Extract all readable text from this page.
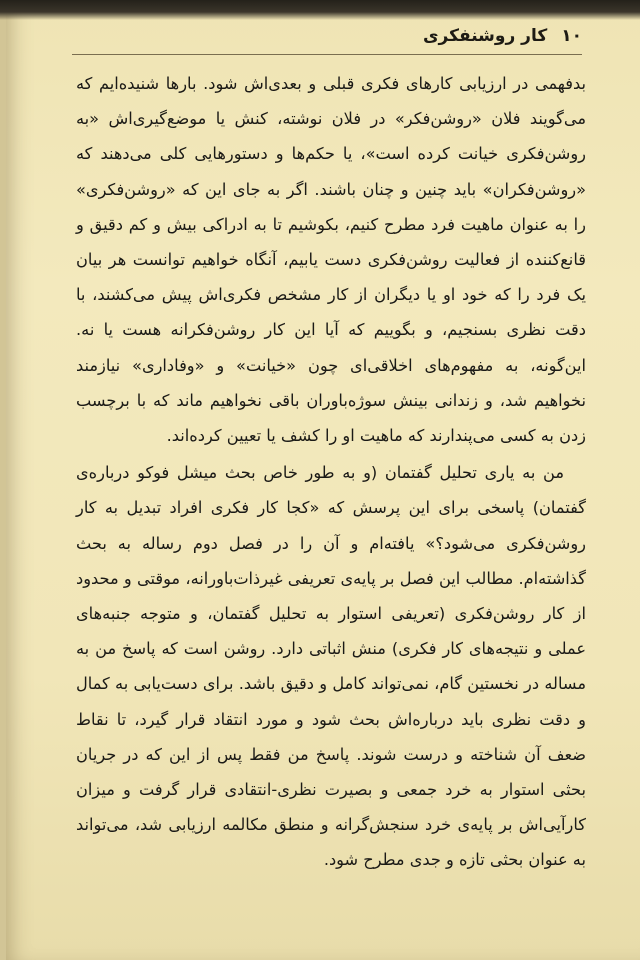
۱۰
کار روشنفکری

بدفهمی در ارزیابی کارهای فکری قبلی و بعدی‌اش شود. بارها شنیده‌ایم که می‌گویند فلان «روشن‌فکر» در فلان نوشته، کنش یا موضع‌گیری‌اش «به روشن‌فکری خیانت کرده است»، یا حکم‌ها و دستورهایی کلی می‌دهند که «روشن‌فکران» باید چنین و چنان باشند. اگر به جای این که «روشن‌فکری» را به عنوان ماهیت فرد مطرح کنیم، بکوشیم تا به ادراکی بیش و کم دقیق و قانع‌کننده از فعالیت روشن‌فکری دست یابیم، آنگاه خواهیم توانست هر بیان یک فرد را که خود او یا دیگران از کار مشخص فکری‌اش پیش می‌کشند، با دقت نظری بسنجیم، و بگوییم که آیا این کار روشن‌فکرانه هست یا نه. این‌گونه، به مفهوم‌های اخلاقی‌ای چون «خیانت» و «وفاداری» نیازمند نخواهیم شد، و زندانی بینش سوژه‌باوران باقی نخواهیم ماند که با برچسب زدن به کسی می‌پندارند که ماهیت او را کشف یا تعیین کرده‌اند.

من به یاری تحلیل گفتمان (و به طور خاص بحث میشل فوکو درباره‌ی گفتمان) پاسخی برای این پرسش که «کجا کار فکری افراد تبدیل به کار روشن‌فکری می‌شود؟» یافته‌ام و آن را در فصل دوم رساله به بحث گذاشته‌ام. مطالب این فصل بر پایه‌ی تعریفی غیرذات‌باورانه، موقتی و محدود از کار روشن‌فکری (تعریفی استوار به تحلیل گفتمان، و متوجه جنبه‌های عملی و نتیجه‌های کار فکری) منش اثباتی دارد. روشن است که پاسخ من به مساله در نخستین گام، نمی‌تواند کامل و دقیق باشد. برای دست‌یابی به کمال و دقت نظری باید درباره‌اش بحث شود و مورد انتقاد قرار گیرد، تا نقاط ضعف آن شناخته و درست شوند. پاسخ من فقط پس از این که در جریان بحثی استوار به خرد جمعی و بصیرت نظری-انتقادی قرار گرفت و میزان کارآیی‌اش بر پایه‌ی خرد سنجش‌گرانه و منطق مکالمه ارزیابی شد، می‌تواند به عنوان بحثی تازه و جدی مطرح شود.
